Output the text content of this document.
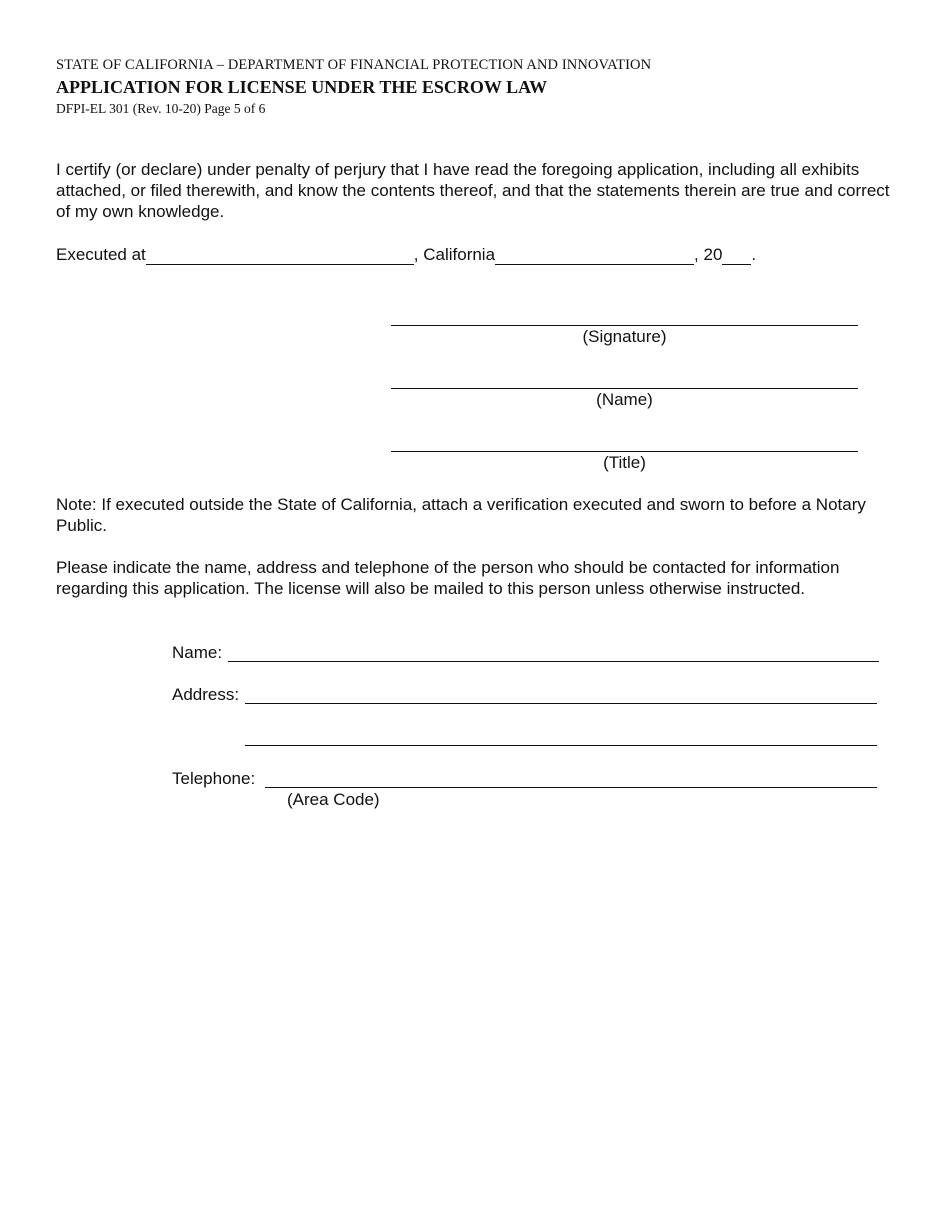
STATE OF CALIFORNIA – DEPARTMENT OF FINANCIAL PROTECTION AND INNOVATION
APPLICATION FOR LICENSE UNDER THE ESCROW LAW
DFPI-EL 301 (Rev. 10-20) Page 5 of 6
I certify (or declare) under penalty of perjury that I have read the foregoing application, including all exhibits attached, or filed therewith, and know the contents thereof, and that the statements therein are true and correct of my own knowledge.
Executed at	, California	, 20 .
(Signature)
(Name)
(Title)
Note: If executed outside the State of California, attach a verification executed and sworn to before a Notary Public.
Please indicate the name, address and telephone of the person who should be contacted for information regarding this application. The license will also be mailed to this person unless otherwise instructed.
Name:
Address:
Telephone:
(Area Code)
